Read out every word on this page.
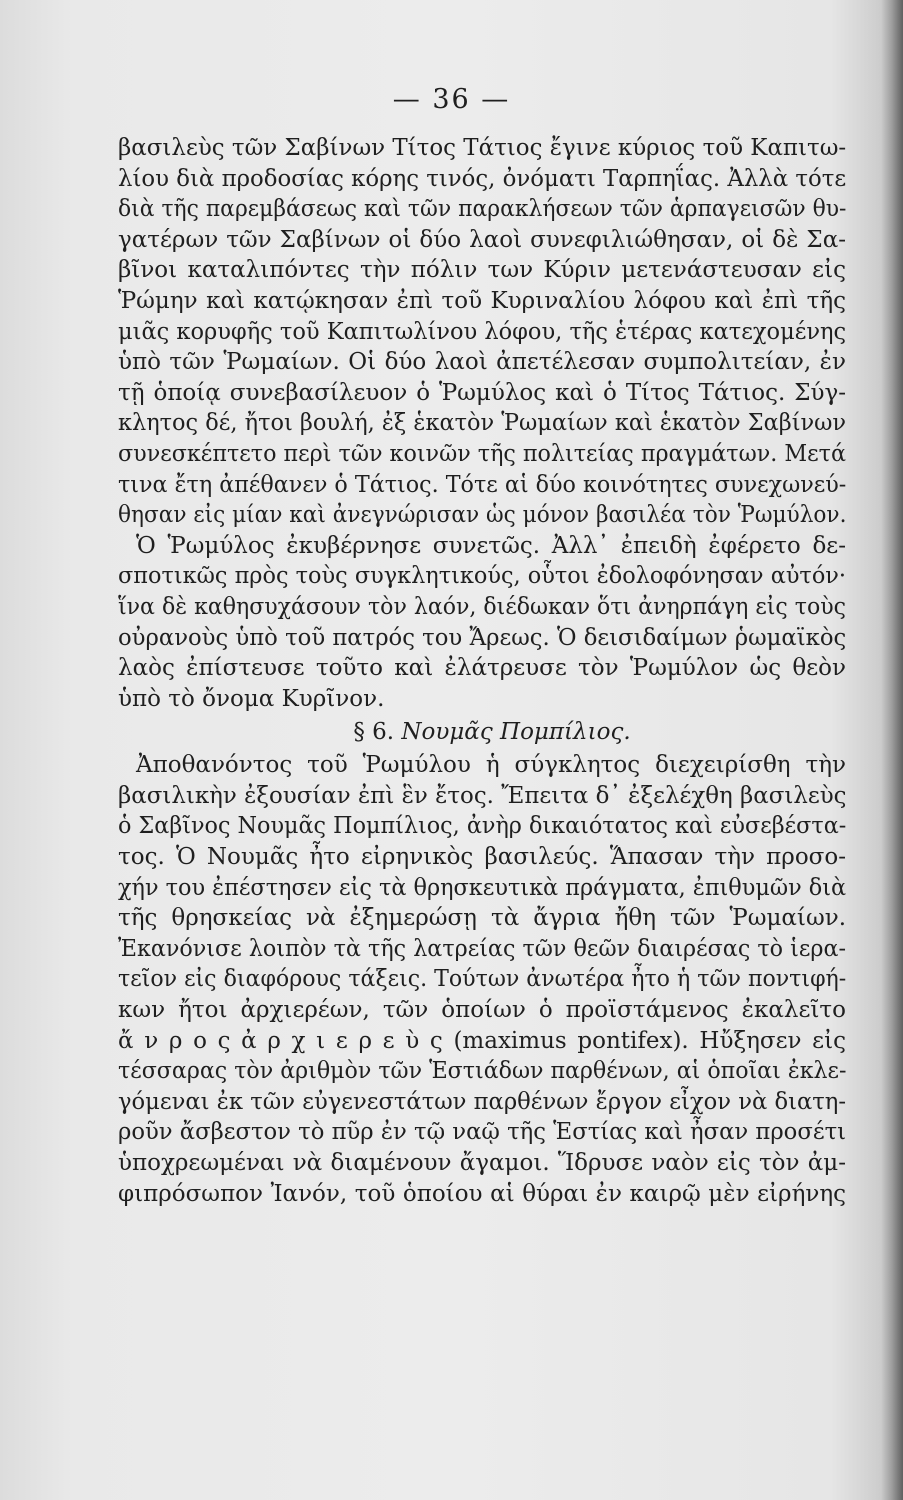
— 36 —
βασιλεὺς τῶν Σαβίνων Τίτος Τάτιος ἔγινε κύριος τοῦ Καπιτω-
λίου διὰ προδοσίας κόρης τινός, ὀνόματι Ταρπηΐας. Ἀλλὰ τότε
διὰ τῆς παρεμβάσεως καὶ τῶν παρακλήσεων τῶν ἁρπαγεισῶν θυ-
γατέρων τῶν Σαβίνων οἱ δύο λαοὶ συνεφιλιώθησαν, οἱ δὲ Σα-
βῖνοι καταλιπόντες τὴν πόλιν των Κύριν μετενάστευσαν εἰς
Ῥώμην καὶ κατῴκησαν ἐπὶ τοῦ Κυριναλίου λόφου καὶ ἐπὶ τῆς
μιᾶς κορυφῆς τοῦ Καπιτωλίνου λόφου, τῆς ἑτέρας κατεχομένης
ὑπὸ τῶν Ῥωμαίων. Οἱ δύο λαοὶ ἀπετέλεσαν συμπολιτείαν, ἐν
τῇ ὁποίᾳ συνεβασίλευον ὁ Ῥωμύλος καὶ ὁ Τίτος Τάτιος. Σύγ-
κλητος δέ, ἤτοι βουλή, ἐξ ἑκατὸν Ῥωμαίων καὶ ἑκατὸν Σαβίνων
συνεσκέπτετο περὶ τῶν κοινῶν τῆς πολιτείας πραγμάτων. Μετά
τινα ἔτη ἀπέθανεν ὁ Τάτιος. Τότε αἱ δύο κοινότητες συνεχωνεύ-
θησαν εἰς μίαν καὶ ἀνεγνώρισαν ὡς μόνον βασιλέα τὸν Ῥωμύλον.
Ὁ Ῥωμύλος ἐκυβέρνησε συνετῶς. Ἀλλ᾽ ἐπειδὴ ἐφέρετο δε-
σποτικῶς πρὸς τοὺς συγκλητικούς, οὗτοι ἐδολοφόνησαν αὐτόν·
ἵνα δὲ καθησυχάσουν τὸν λαόν, διέδωκαν ὅτι ἀνηρπάγη εἰς τοὺς
οὐρανοὺς ὑπὸ τοῦ πατρός του Ἄρεως. Ὁ δεισιδαίμων ῥωμαϊκὸς
λαὸς ἐπίστευσε τοῦτο καὶ ἐλάτρευσε τὸν Ῥωμύλον ὡς θεὸν
ὑπὸ τὸ ὄνομα Κυρῖνον.
§ 6. Νουμᾶς Πομπίλιος.
Ἀποθανόντος τοῦ Ῥωμύλου ἡ σύγκλητος διεχειρίσθη τὴν
βασιλικὴν ἐξουσίαν ἐπὶ ἓν ἔτος. Ἔπειτα δ᾽ ἐξελέχθη βασιλεὺς
ὁ Σαβῖνος Νουμᾶς Πομπίλιος, ἀνὴρ δικαιότατος καὶ εὐσεβέστα-
τος. Ὁ Νουμᾶς ἦτο εἰρηνικὸς βασιλεύς. Ἅπασαν τὴν προσο-
χήν του ἐπέστησεν εἰς τὰ θρησκευτικὰ πράγματα, ἐπιθυμῶν διὰ
τῆς θρησκείας νὰ ἐξημερώσῃ τὰ ἄγρια ἤθη τῶν Ῥωμαίων.
Ἐκανόνισε λοιπὸν τὰ τῆς λατρείας τῶν θεῶν διαιρέσας τὸ ἱερα-
τεῖον εἰς διαφόρους τάξεις. Τούτων ἀνωτέρα ἦτο ἡ τῶν ποντιφή-
κων ἤτοι ἀρχιερέων, τῶν ὁποίων ὁ προϊστάμενος ἐκαλεῖτο
ἄ ν ρ ο ς ἀ ρ χ ι ε ρ ε ὺ ς (maximus pontifex). Ηὔξησεν εἰς
τέσσαρας τὸν ἀριθμὸν τῶν Ἑστιάδων παρθένων, αἱ ὁποῖαι ἐκλε-
γόμεναι ἐκ τῶν εὐγενεστάτων παρθένων ἔργον εἶχον νὰ διατη-
ροῦν ἄσβεστον τὸ πῦρ ἐν τῷ ναῷ τῆς Ἑστίας καὶ ἦσαν προσέτι
ὑποχρεωμέναι νὰ διαμένουν ἄγαμοι. Ἵδρυσε ναὸν εἰς τὸν ἀμ-
φιπρόσωπον Ἰανόν, τοῦ ὁποίου αἱ θύραι ἐν καιρῷ μὲν εἰρήνης
